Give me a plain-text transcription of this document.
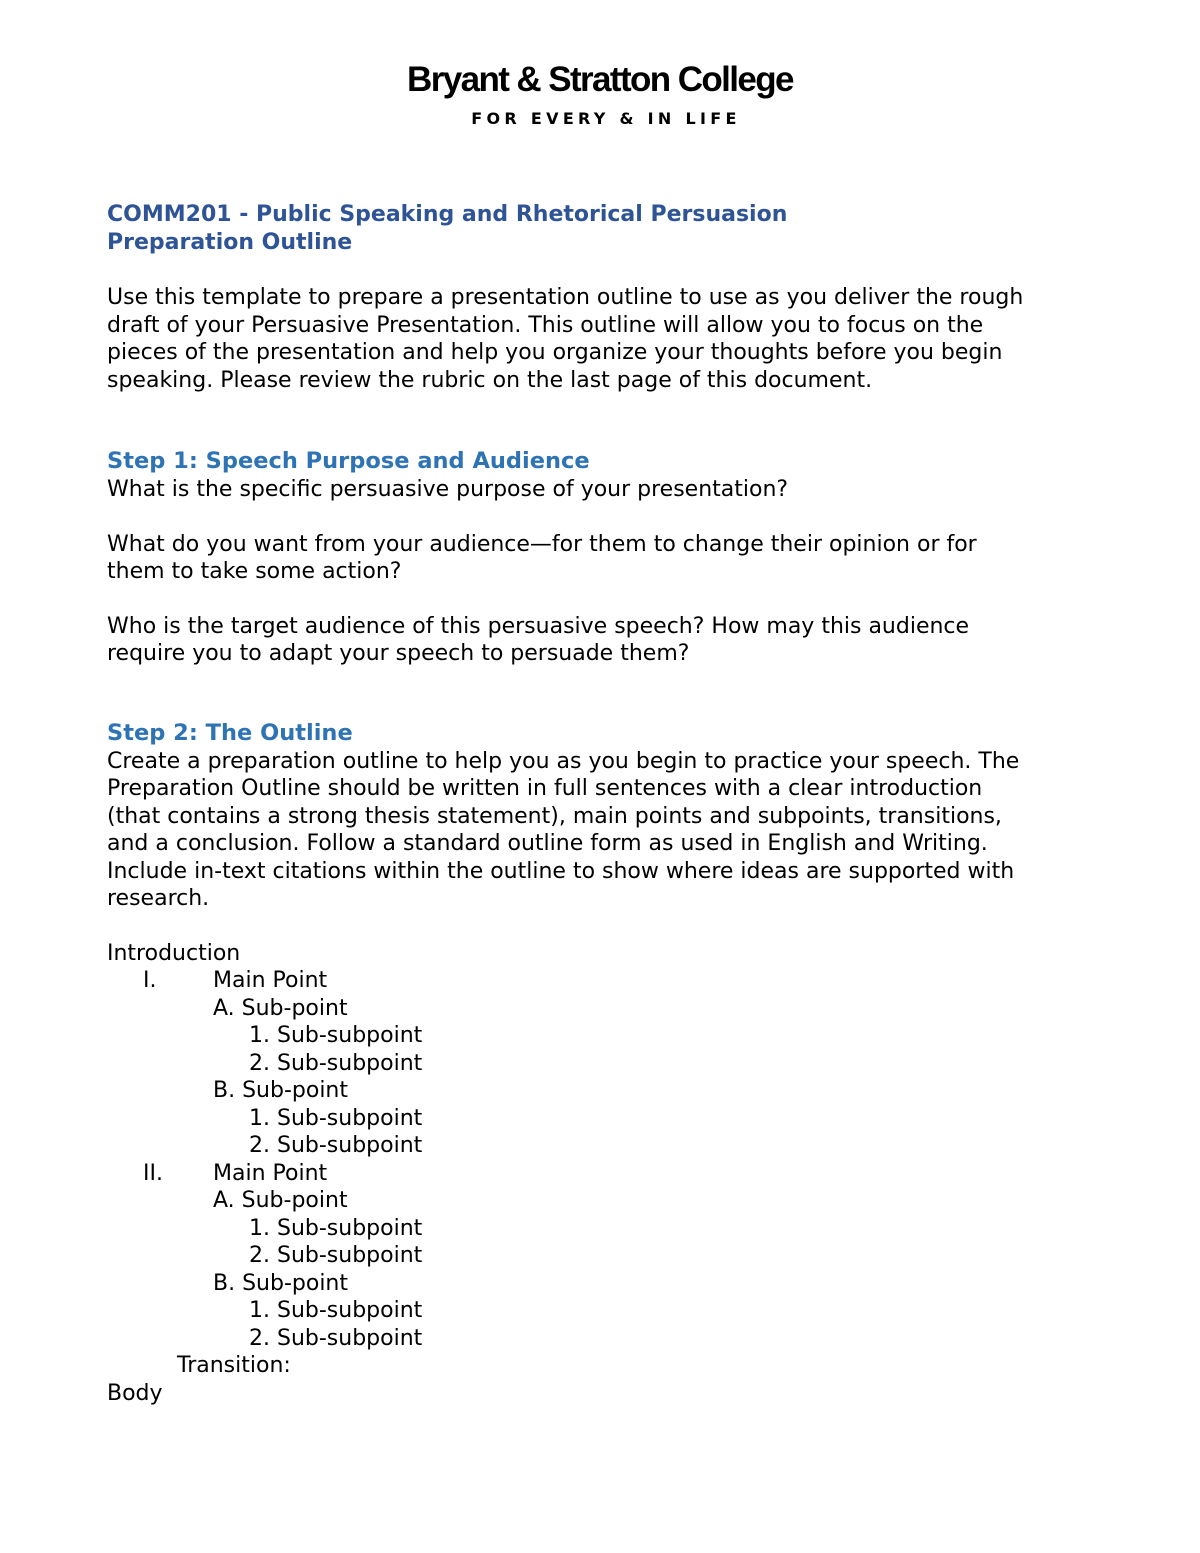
Bryant & Stratton College
FOR EVERY & IN LIFE

COMM201 - Public Speaking and Rhetorical Persuasion

Preparation Outline

Use this template to prepare a presentation outline to use as you deliver the rough

draft of your Persuasive Presentation. This outline will allow you to focus on the

pieces of the presentation and help you organize your thoughts before you begin

speaking. Please review the rubric on the last page of this document.

Step 1: Speech Purpose and Audience

What is the specific persuasive purpose of your presentation?

What do you want from your audience—for them to change their opinion or for

them to take some action?

Who is the target audience of this persuasive speech? How may this audience

require you to adapt your speech to persuade them?

Step 2: The Outline

Create a preparation outline to help you as you begin to practice your speech. The

Preparation Outline should be written in full sentences with a clear introduction

(that contains a strong thesis statement), main points and subpoints, transitions,

and a conclusion. Follow a standard outline form as used in English and Writing.

Include in-text citations within the outline to show where ideas are supported with

research.

Introduction
I.	Main Point
A. Sub-point
1. Sub-subpoint
2. Sub-subpoint
B. Sub-point
1. Sub-subpoint
2. Sub-subpoint
II. Main Point
A. Sub-point
1. Sub-subpoint
2. Sub-subpoint
B. Sub-point
1. Sub-subpoint
2. Sub-subpoint
Transition:
Body
